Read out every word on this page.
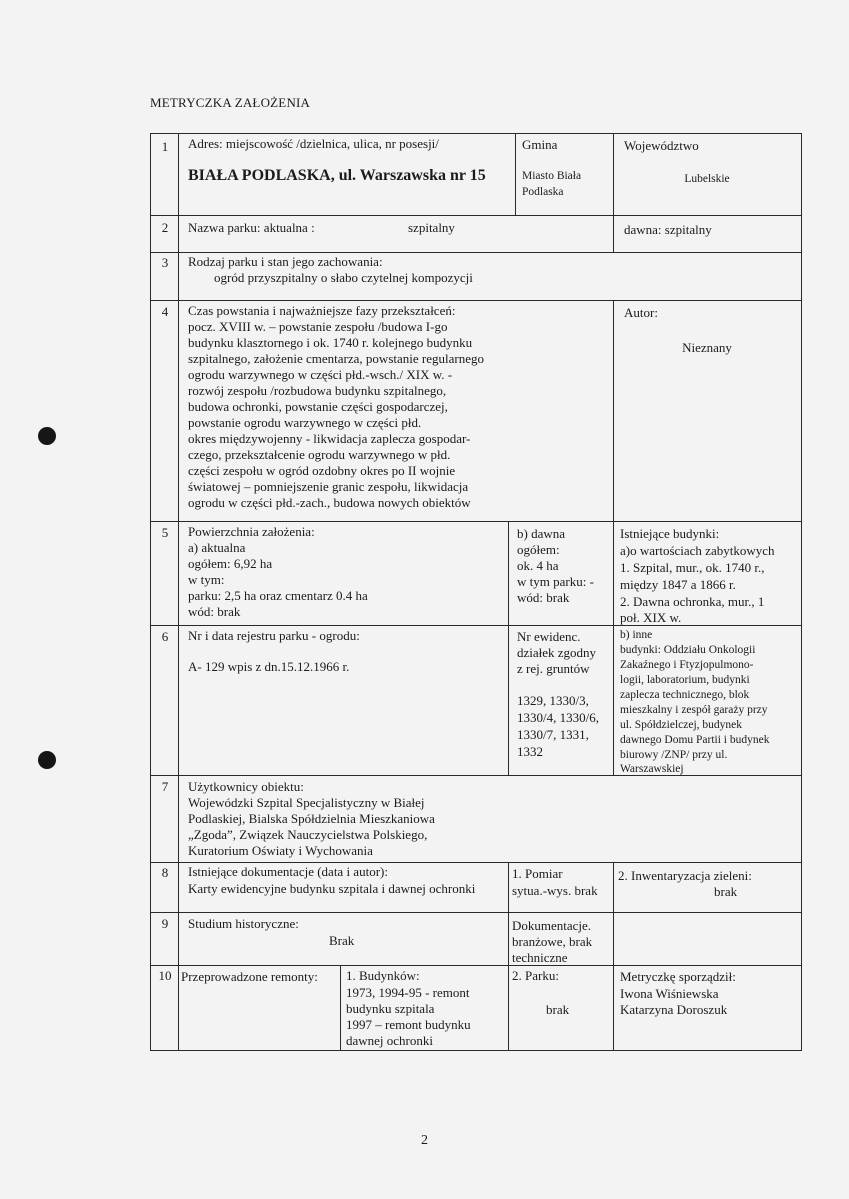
METRYCZKA ZAŁOŻENIA
1
2
3
4
5
6
7
8
9
10
Adres: miejscowość /dzielnica, ulica, nr posesji/
BIAŁA PODLASKA, ul. Warszawska nr 15
Gmina
Miasto Biała
Podlaska
Województwo
Lubelskie
Nazwa parku: aktualna :	szpitalny	dawna: szpitalny
Rodzaj parku i stan jego zachowania:
ogród przyszpitalny o słabo czytelnej kompozycji
Czas powstania i najważniejsze fazy przekształceń:
pocz. XVIII w. – powstanie zespołu /budowa I-go
budynku klasztornego i ok. 1740 r. kolejnego budynku
szpitalnego, założenie cmentarza, powstanie regularnego
ogrodu warzywnego w części płd.-wsch./ XIX w. -
rozwój zespołu /rozbudowa budynku szpitalnego,
budowa ochronki, powstanie części gospodarczej,
powstanie ogrodu warzywnego w części płd.
okres międzywojenny - likwidacja zaplecza gospodar-
czego, przekształcenie ogrodu warzywnego w płd.
części zespołu w ogród ozdobny okres po II wojnie
światowej – pomniejszenie granic zespołu, likwidacja
ogrodu w części płd.-zach., budowa nowych obiektów
Autor:
Nieznany
Powierzchnia założenia:
a) aktualna
ogółem: 6,92 ha
w tym:
parku: 2,5 ha oraz cmentarz 0.4 ha
wód: brak
b) dawna
ogółem:
ok. 4 ha
w tym parku: -
wód: brak
Istniejące budynki:
a)o wartościach zabytkowych
1. Szpital, mur., ok. 1740 r.,
między 1847 a 1866 r.
2. Dawna ochronka, mur., 1
poł. XIX w.
Nr i data rejestru parku - ogrodu:
A- 129 wpis z dn.15.12.1966 r.
Nr ewidenc.
działek zgodny
z rej. gruntów
1329, 1330/3,
1330/4, 1330/6,
1330/7, 1331,
1332
b) inne
budynki: Oddziału Onkologii
Zakaźnego i Ftyzjopulmono-
logii, laboratorium, budynki
zaplecza technicznego, blok
mieszkalny i zespół garaży przy
ul. Spółdzielczej, budynek
dawnego Domu Partii i budynek
biurowy /ZNP/ przy ul.
Warszawskiej
Użytkownicy obiektu:
Wojewódzki Szpital Specjalistyczny w Białej
Podlaskiej, Bialska Spółdzielnia Mieszkaniowa
„Zgoda”, Związek Nauczycielstwa Polskiego,
Kuratorium Oświaty i Wychowania
Istniejące dokumentacje (data i autor):
Karty ewidencyjne budynku szpitala i dawnej ochronki
1. Pomiar
sytua.-wys. brak
2. Inwentaryzacja zieleni:
brak
Studium historyczne:
Brak
Dokumentacje.
branżowe, brak
techniczne
Przeprowadzone remonty: 1. Budynków:
1973, 1994-95 - remont
budynku szpitala
1997 – remont budynku
dawnej ochronki
2. Parku:
brak
Metryczkę sporządził:
Iwona Wiśniewska
Katarzyna Doroszuk
2
